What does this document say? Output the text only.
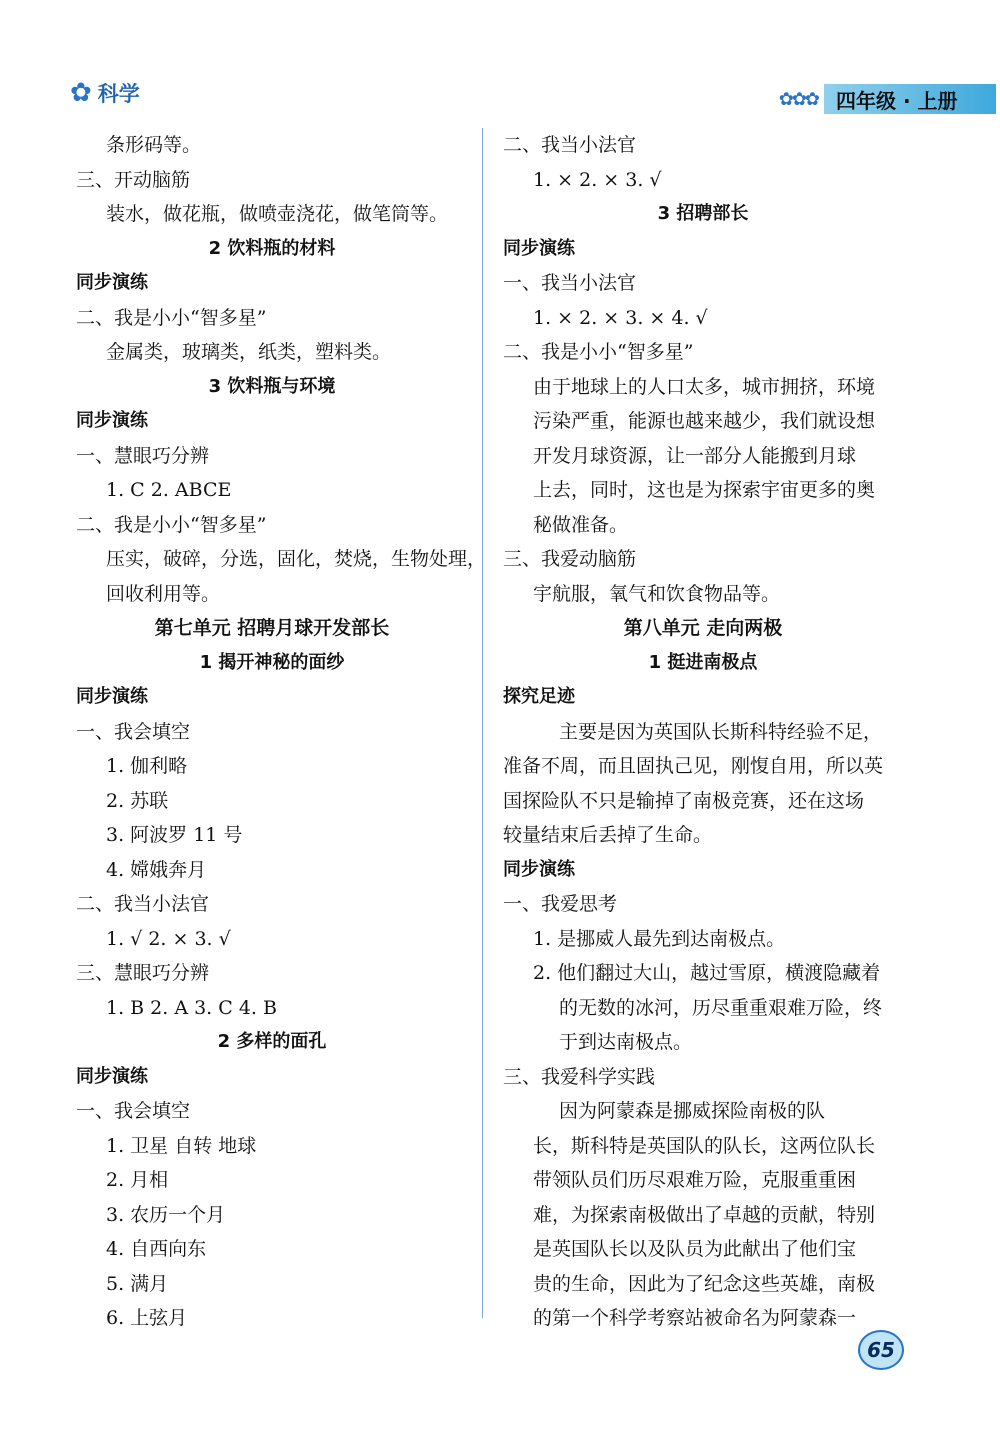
✿ 科学	✿✿✿ 四年级 · 上册
条形码等。
三、开动脑筋
装水，做花瓶，做喷壶浇花，做笔筒等。
2 饮料瓶的材料
同步演练
二、我是小小“智多星”
金属类，玻璃类，纸类，塑料类。
3 饮料瓶与环境
同步演练
一、慧眼巧分辨
1. C 2. ABCE
二、我是小小“智多星”
压实，破碎，分选，固化，焚烧，生物处理，
回收利用等。
第七单元 招聘月球开发部长
1 揭开神秘的面纱
同步演练
一、我会填空
1. 伽利略
2. 苏联
3. 阿波罗 11 号
4. 嫦娥奔月
二、我当小法官
1. √ 2. × 3. √
三、慧眼巧分辨
1. B 2. A 3. C 4. B
2 多样的面孔
同步演练
一、我会填空
1. 卫星 自转 地球
2. 月相
3. 农历一个月
4. 自西向东
5. 满月
6. 上弦月
二、我当小法官
1. × 2. × 3. √
3 招聘部长
同步演练
一、我当小法官
1. × 2. × 3. × 4. √
二、我是小小“智多星”
由于地球上的人口太多，城市拥挤，环境
污染严重，能源也越来越少，我们就设想
开发月球资源，让一部分人能搬到月球
上去，同时，这也是为探索宇宙更多的奥
秘做准备。
三、我爱动脑筋
宇航服，氧气和饮食物品等。
第八单元 走向两极
1 挺进南极点
探究足迹
主要是因为英国队长斯科特经验不足，
准备不周，而且固执己见，刚愎自用，所以英
国探险队不只是输掉了南极竞赛，还在这场
较量结束后丢掉了生命。
同步演练
一、我爱思考
1. 是挪威人最先到达南极点。
2. 他们翻过大山，越过雪原，横渡隐藏着
的无数的冰河，历尽重重艰难万险，终
于到达南极点。
三、我爱科学实践
因为阿蒙森是挪威探险南极的队
长，斯科特是英国队的队长，这两位队长
带领队员们历尽艰难万险，克服重重困
难，为探索南极做出了卓越的贡献，特别
是英国队长以及队员为此献出了他们宝
贵的生命，因此为了纪念这些英雄，南极
的第一个科学考察站被命名为阿蒙森一
65
